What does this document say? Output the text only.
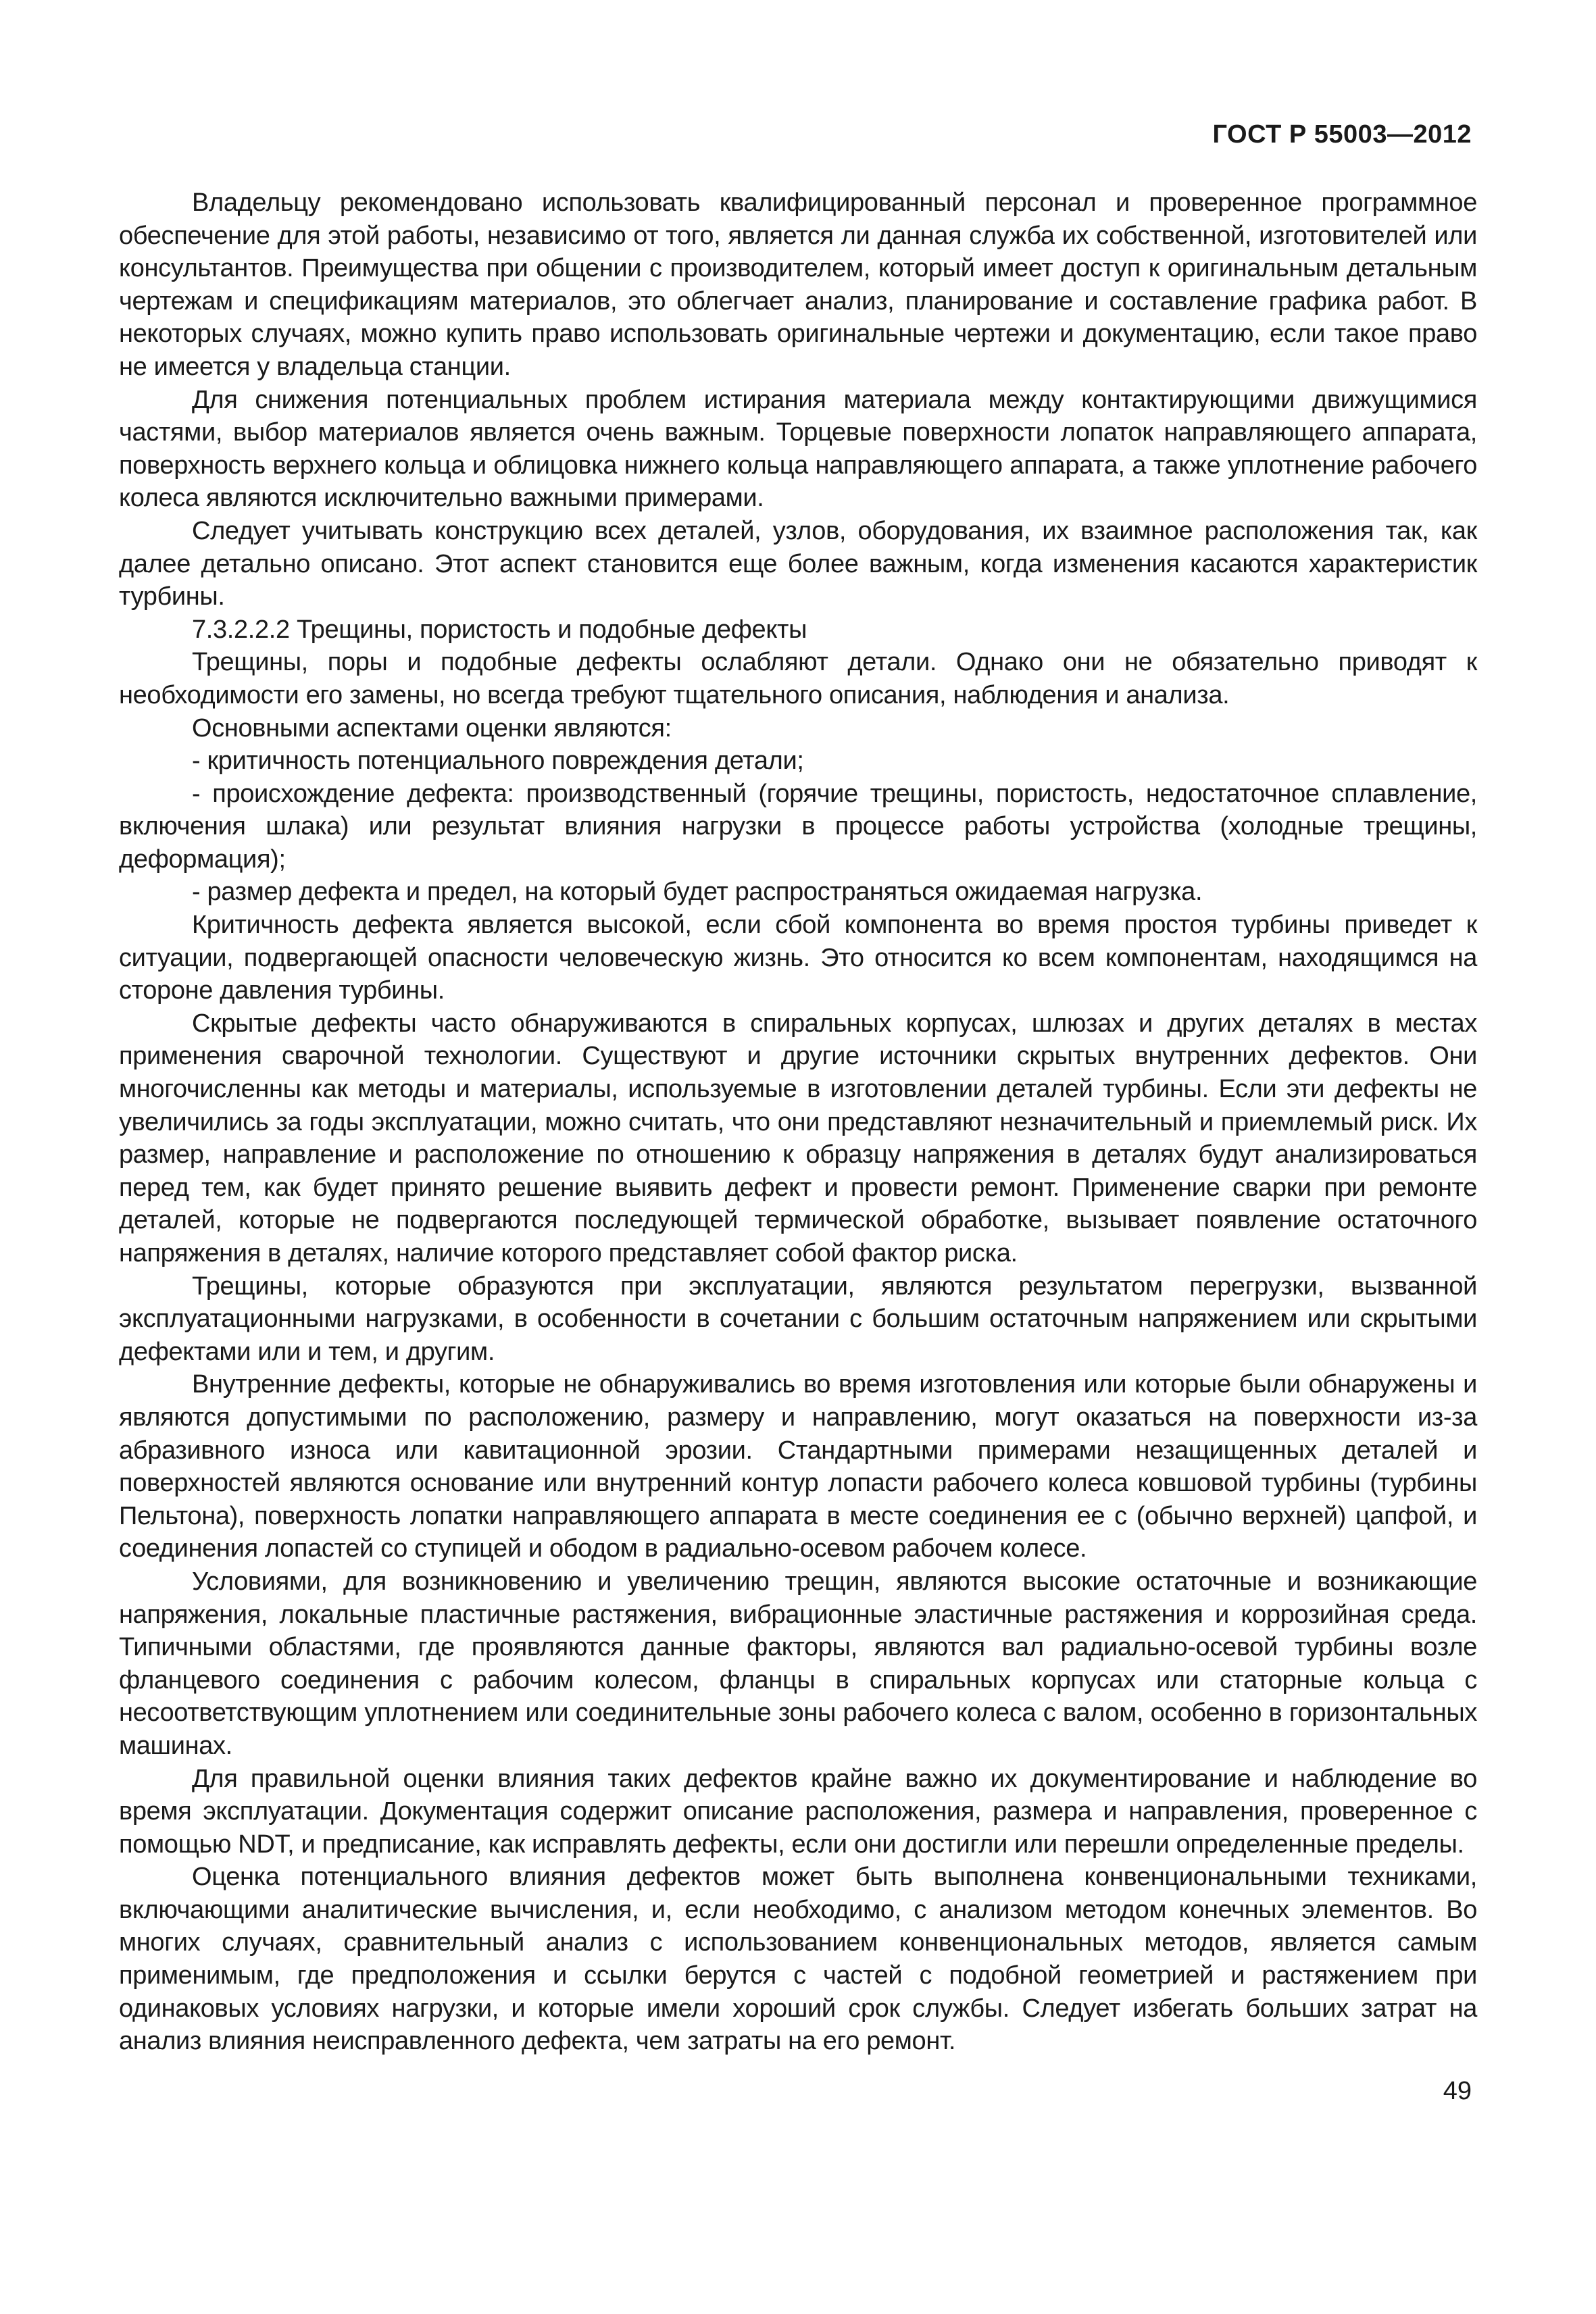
ГОСТ Р 55003—2012

Владельцу рекомендовано использовать квалифицированный персонал и проверенное программное обеспечение для этой работы, независимо от того, является ли данная служба их собственной, изготовителей или консультантов. Преимущества при общении с производителем, который имеет доступ к оригинальным детальным чертежам и спецификациям материалов, это облегчает анализ, планирование и составление графика работ. В некоторых случаях, можно купить право использовать оригинальные чертежи и документацию, если такое право не имеется у владельца станции.

Для снижения потенциальных проблем истирания материала между контактирующими движущимися частями, выбор материалов является очень важным. Торцевые поверхности лопаток направляющего аппарата, поверхность верхнего кольца и облицовка нижнего кольца направляющего аппарата, а также уплотнение рабочего колеса являются исключительно важными примерами.

Следует учитывать конструкцию всех деталей, узлов, оборудования, их взаимное расположения так, как далее детально описано. Этот аспект становится еще более важным, когда изменения касаются характеристик турбины.

7.3.2.2.2 Трещины, пористость и подобные дефекты

Трещины, поры и подобные дефекты ослабляют детали. Однако они не обязательно приводят к необходимости его замены, но всегда требуют тщательного описания, наблюдения и анализа.

Основными аспектами оценки являются:

- критичность потенциального повреждения детали;

- происхождение дефекта: производственный (горячие трещины, пористость, недостаточное сплавление, включения шлака) или результат влияния нагрузки в процессе работы устройства (холодные трещины, деформация);

- размер дефекта и предел, на который будет распространяться ожидаемая нагрузка.

Критичность дефекта является высокой, если сбой компонента во время простоя турбины приведет к ситуации, подвергающей опасности человеческую жизнь. Это относится ко всем компонентам, находящимся на стороне давления турбины.

Скрытые дефекты часто обнаруживаются в спиральных корпусах, шлюзах и других деталях в местах применения сварочной технологии. Существуют и другие источники скрытых внутренних дефектов. Они многочисленны как методы и материалы, используемые в изготовлении деталей турбины. Если эти дефекты не увеличились за годы эксплуатации, можно считать, что они представляют незначительный и приемлемый риск. Их размер, направление и расположение по отношению к образцу напряжения в деталях будут анализироваться перед тем, как будет принято решение выявить дефект и провести ремонт. Применение сварки при ремонте деталей, которые не подвергаются последующей термической обработке, вызывает появление остаточного напряжения в деталях, наличие которого представляет собой фактор риска.

Трещины, которые образуются при эксплуатации, являются результатом перегрузки, вызванной эксплуатационными нагрузками, в особенности в сочетании с большим остаточным напряжением или скрытыми дефектами или и тем, и другим.

Внутренние дефекты, которые не обнаруживались во время изготовления или которые были обнаружены и являются допустимыми по расположению, размеру и направлению, могут оказаться на поверхности из-за абразивного износа или кавитационной эрозии. Стандартными примерами незащищенных деталей и поверхностей являются основание или внутренний контур лопасти рабочего колеса ковшовой турбины (турбины Пельтона), поверхность лопатки направляющего аппарата в месте соединения ее с (обычно верхней) цапфой, и соединения лопастей со ступицей и ободом в радиально-осевом рабочем колесе.

Условиями, для возникновению и увеличению трещин, являются высокие остаточные и возникающие напряжения, локальные пластичные растяжения, вибрационные эластичные растяжения и коррозийная среда. Типичными областями, где проявляются данные факторы, являются вал радиально-осевой турбины возле фланцевого соединения с рабочим колесом, фланцы в спиральных корпусах или статорные кольца с несоответствующим уплотнением или соединительные зоны рабочего колеса с валом, особенно в горизонтальных машинах.

Для правильной оценки влияния таких дефектов крайне важно их документирование и наблюдение во время эксплуатации. Документация содержит описание расположения, размера и направления, проверенное с помощью NDT, и предписание, как исправлять дефекты, если они достигли или перешли определенные пределы.

Оценка потенциального влияния дефектов может быть выполнена конвенциональными техниками, включающими аналитические вычисления, и, если необходимо, с анализом методом конечных элементов. Во многих случаях, сравнительный анализ с использованием конвенциональных методов, является самым применимым, где предположения и ссылки берутся с частей с подобной геометрией и растяжением при одинаковых условиях нагрузки, и которые имели хороший срок службы. Следует избегать больших затрат на анализ влияния неисправленного дефекта, чем затраты на его ремонт.

49
